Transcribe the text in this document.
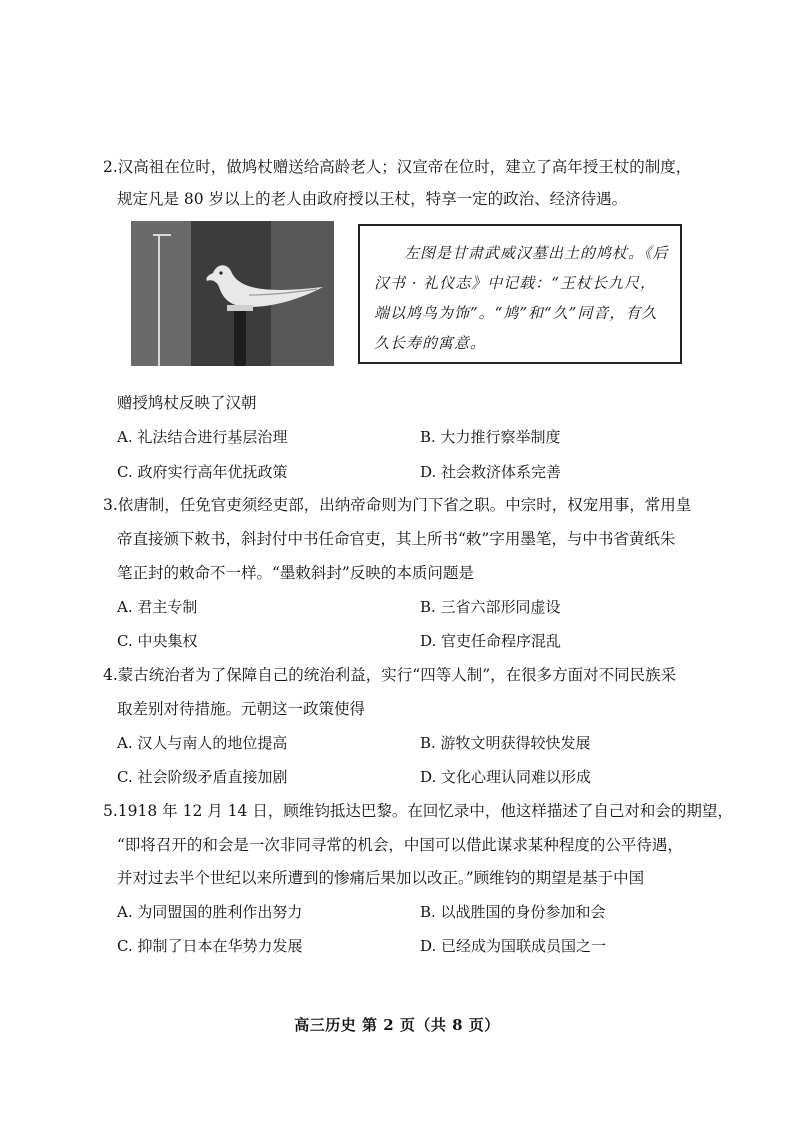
2.汉高祖在位时，做鸠杖赠送给高龄老人；汉宣帝在位时，建立了高年授王杖的制度，
规定凡是 80 岁以上的老人由政府授以王杖，特享一定的政治、经济待遇。

左图是甘肃武威汉墓出土的鸠杖。《后汉书 · 礼仪志》中记载：“王杖长九尺，端以鸠鸟为饰”。“鸠”和“久”同音，有久久长寿的寓意。

赠授鸠杖反映了汉朝
A. 礼法结合进行基层治理	B. 大力推行察举制度
C. 政府实行高年优抚政策	D. 社会救济体系完善
3.依唐制，任免官吏须经吏部，出纳帝命则为门下省之职。中宗时，权宠用事，常用皇
帝直接颁下敕书，斜封付中书任命官吏，其上所书“敕”字用墨笔，与中书省黄纸朱
笔正封的敕命不一样。“墨敕斜封”反映的本质问题是
A. 君主专制	B. 三省六部形同虚设
C. 中央集权	D. 官吏任命程序混乱
4.蒙古统治者为了保障自己的统治利益，实行“四等人制”，在很多方面对不同民族采
取差别对待措施。元朝这一政策使得
A. 汉人与南人的地位提高	B. 游牧文明获得较快发展
C. 社会阶级矛盾直接加剧	D. 文化心理认同难以形成
5.1918 年 12 月 14 日，顾维钧抵达巴黎。在回忆录中，他这样描述了自己对和会的期望，
“即将召开的和会是一次非同寻常的机会，中国可以借此谋求某种程度的公平待遇，
并对过去半个世纪以来所遭到的惨痛后果加以改正。”顾维钧的期望是基于中国
A. 为同盟国的胜利作出努力	B. 以战胜国的身份参加和会
C. 抑制了日本在华势力发展	D. 已经成为国联成员国之一
高三历史 第 2 页（共 8 页）
